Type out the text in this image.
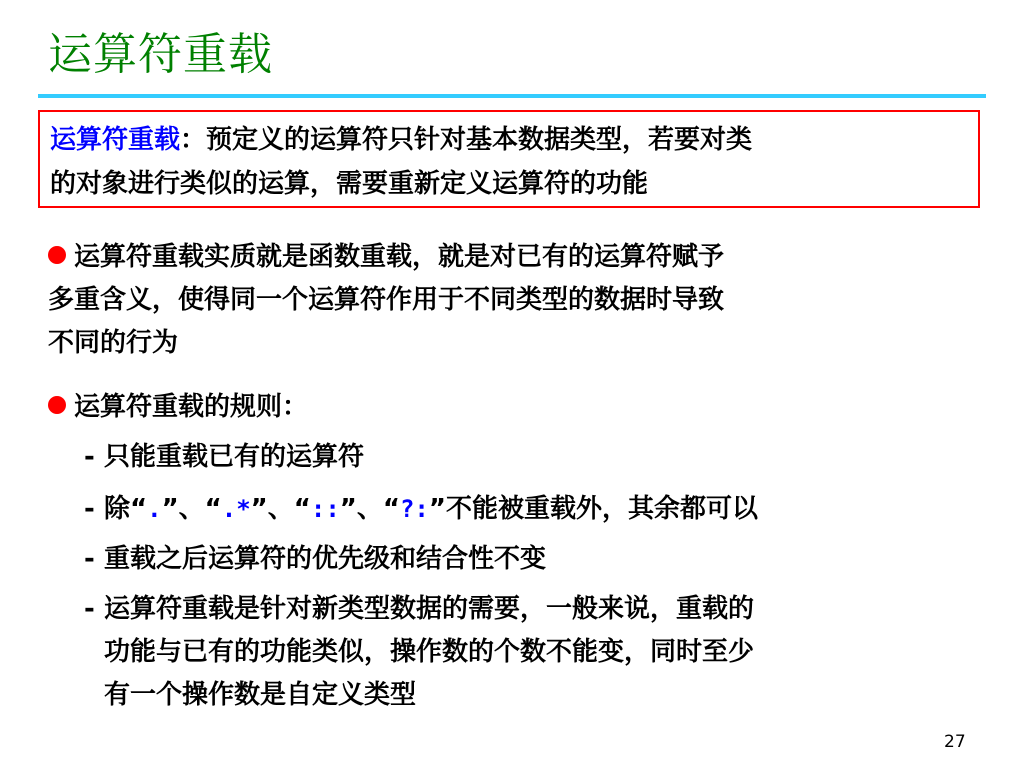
运算符重载
运算符重载：预定义的运算符只针对基本数据类型，若要对类
的对象进行类似的运算，需要重新定义运算符的功能
运算符重载实质就是函数重载，就是对已有的运算符赋予
多重含义，使得同一个运算符作用于不同类型的数据时导致
不同的行为
运算符重载的规则：
- 只能重载已有的运算符
- 除“.”、“.*”、“::”、“?:”不能被重载外，其余都可以
- 重载之后运算符的优先级和结合性不变
- 运算符重载是针对新类型数据的需要，一般来说，重载的
功能与已有的功能类似，操作数的个数不能变，同时至少
有一个操作数是自定义类型
27
